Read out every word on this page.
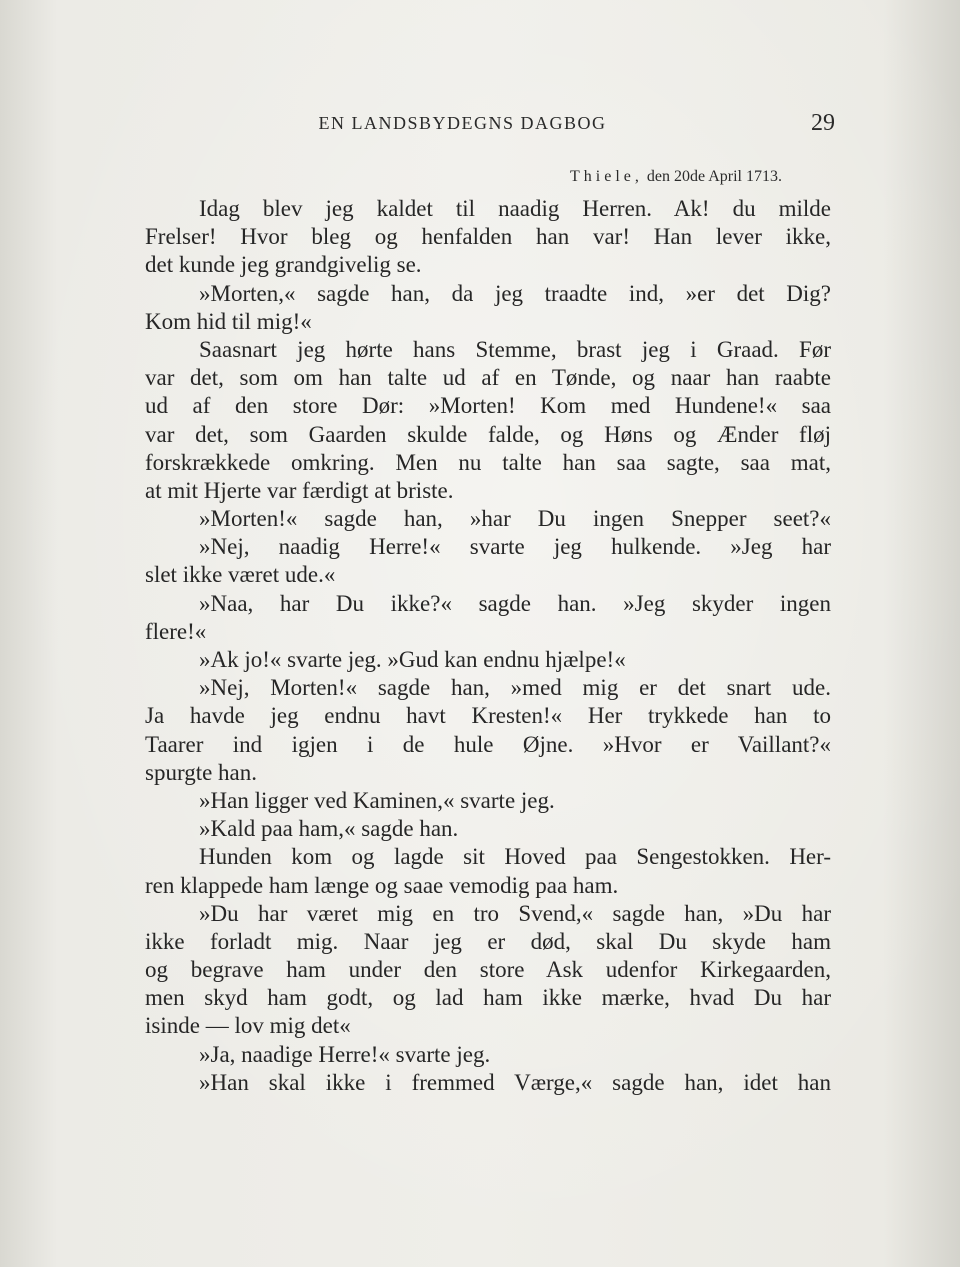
EN LANDSBYDEGNS DAGBOG	29
Thiele, den 20de April 1713.
Idag blev jeg kaldet til naadig Herren. Ak! du milde
Frelser! Hvor bleg og henfalden han var! Han lever ikke,
det kunde jeg grandgivelig se.
»Morten,« sagde han, da jeg traadte ind, »er det Dig?
Kom hid til mig!«
Saasnart jeg hørte hans Stemme, brast jeg i Graad. Før
var det, som om han talte ud af en Tønde, og naar han raabte
ud af den store Dør: »Morten! Kom med Hundene!« saa
var det, som Gaarden skulde falde, og Høns og Ænder fløj
forskrækkede omkring. Men nu talte han saa sagte, saa mat,
at mit Hjerte var færdigt at briste.
»Morten!« sagde han, »har Du ingen Snepper seet?«
»Nej, naadig Herre!« svarte jeg hulkende. »Jeg har
slet ikke været ude.«
»Naa, har Du ikke?« sagde han. »Jeg skyder ingen
flere!«
»Ak jo!« svarte jeg. »Gud kan endnu hjælpe!«
»Nej, Morten!« sagde han, »med mig er det snart ude.
Ja havde jeg endnu havt Kresten!« Her trykkede han to
Taarer ind igjen i de hule Øjne. »Hvor er Vaillant?«
spurgte han.
»Han ligger ved Kaminen,« svarte jeg.
»Kald paa ham,« sagde han.
Hunden kom og lagde sit Hoved paa Sengestokken. Her-
ren klappede ham længe og saae vemodig paa ham.
»Du har været mig en tro Svend,« sagde han, »Du har
ikke forladt mig. Naar jeg er død, skal Du skyde ham
og begrave ham under den store Ask udenfor Kirkegaarden,
men skyd ham godt, og lad ham ikke mærke, hvad Du har
isinde — lov mig det«
»Ja, naadige Herre!« svarte jeg.
»Han skal ikke i fremmed Værge,« sagde han, idet han
